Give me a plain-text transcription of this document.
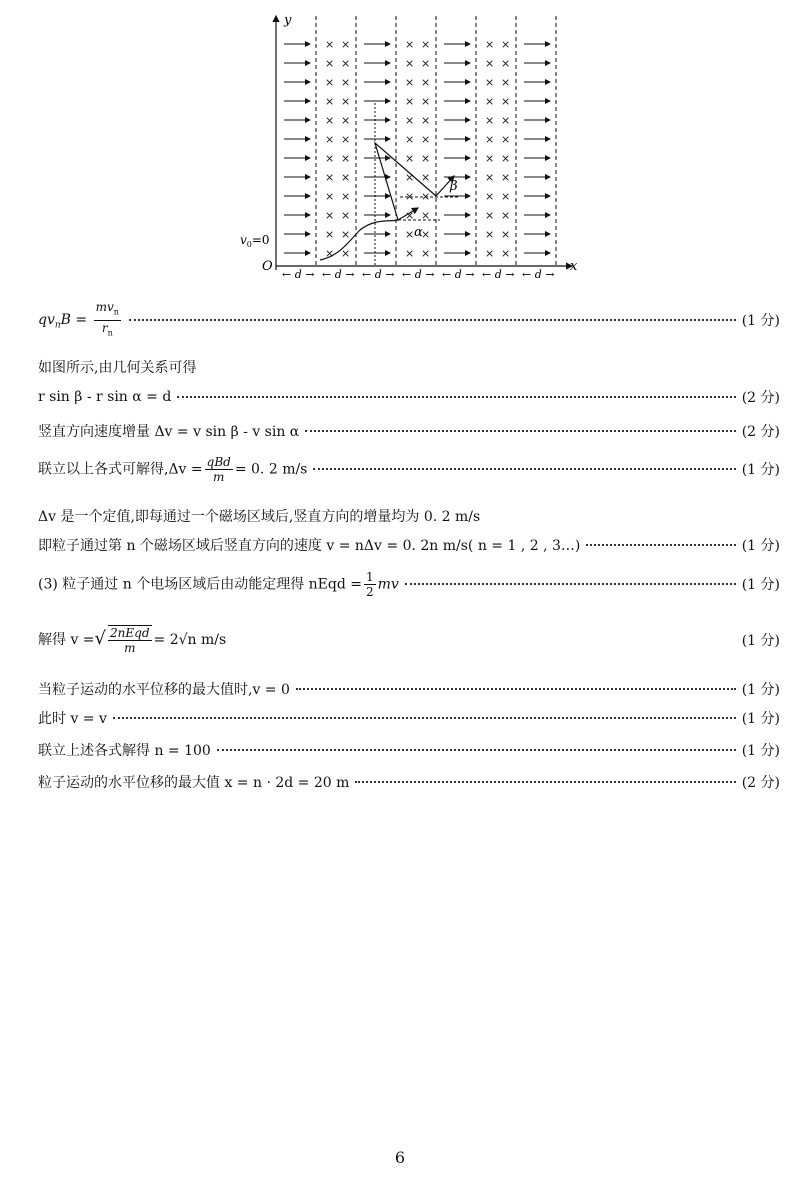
y
x
O
× ×	× ×	× ×
× ×	× ×	× ×
× ×	× ×	× ×
× ×	× ×	× ×
× ×	× ×	× ×
× ×	× ×	× ×
× ×	× ×	× ×
× ×	× ×	× ×
× ×	× ×	× ×
× ×	× ×	× ×
× ×	× ×	× ×
× ×	× ×	× ×
← d → ← d → ← d → ← d → ← d → ← d → ← d →
$v_0=0$
β
α
$qv_nB = \frac{mv_n}{r_n}$	(1 分)
如图所示,由几何关系可得
r sin β - r sin α = d	(2 分)
竖直方向速度增量 Δv = v sin β - v sin α	(2 分)
联立以上各式可解得$,\Delta v = \frac{\text{qBd}}{m} = 0$. 2 m/s	(1 分)
Δv 是一个定值,即每通过一个磁场区域后,竖直方向的增量均为 0. 2 m/s
即粒子通过第 n 个磁场区域后竖直方向的速度 v = nΔv = 0. 2n m/s( n = 1 , 2 , 3…)	(1 分)
(3) 粒子通过 n 个电场区域后由动能定理得 nEqd = $\frac{1}{2}$ mv	(1 分)
解得 v =√ $\frac{\text{2nEqd}}{m} = 2√n$ m/s	(1 分)
当粒子运动的水平位移的最大值时,v = 0	(1 分)
此时 v = v	(1 分)
联立上述各式解得 n = 100	(1 分)
粒子运动的水平位移的最大值 x = n · 2d = 20 m	(2 分)
6
